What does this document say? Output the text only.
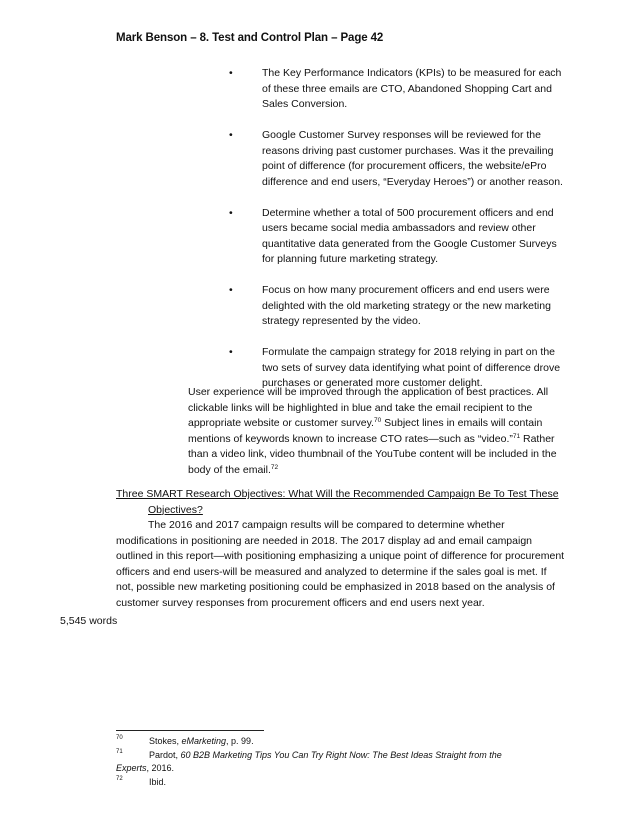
Mark Benson – 8. Test and Control Plan – Page 42
•	The Key Performance Indicators (KPIs) to be measured for each of these three emails are CTO, Abandoned Shopping Cart and Sales Conversion.
•	Google Customer Survey responses will be reviewed for the reasons driving past customer purchases. Was it the prevailing point of difference (for procurement officers, the website/ePro difference and end users, “Everyday Heroes”) or another reason.
•	Determine whether a total of 500 procurement officers and end users became social media ambassadors and review other quantitative data generated from the Google Customer Surveys for planning future marketing strategy.
•	Focus on how many procurement officers and end users were delighted with the old marketing strategy or the new marketing strategy represented by the video.
•	Formulate the campaign strategy for 2018 relying in part on the two sets of survey data identifying what point of difference drove purchases or generated more customer delight.

User experience will be improved through the application of best practices. All clickable links will be highlighted in blue and take the email recipient to the appropriate website or customer survey.$^{70}$ Subject lines in emails will contain mentions of keywords known to increase CTO rates—such as “video.”$^{71}$ Rather than a video link, video thumbnail of the YouTube content will be included in the body of the email.$^{72}$

Three SMART Research Objectives: What Will the Recommended Campaign Be To Test These
Objectives?
The 2016 and 2017 campaign results will be compared to determine whether modifications in positioning are needed in 2018. The 2017 display ad and email campaign outlined in this report—with positioning emphasizing a unique point of difference for procurement officers and end users-will be measured and analyzed to determine if the sales goal is met. If not, possible new marketing positioning could be emphasized in 2018 based on the analysis of customer survey responses from procurement officers and end users next year.
5,545 words
70	Stokes, eMarketing, p. 99.
71	Pardot, 60 B2B Marketing Tips You Can Try Right Now: The Best Ideas Straight from the Experts, 2016.
72	Ibid.
